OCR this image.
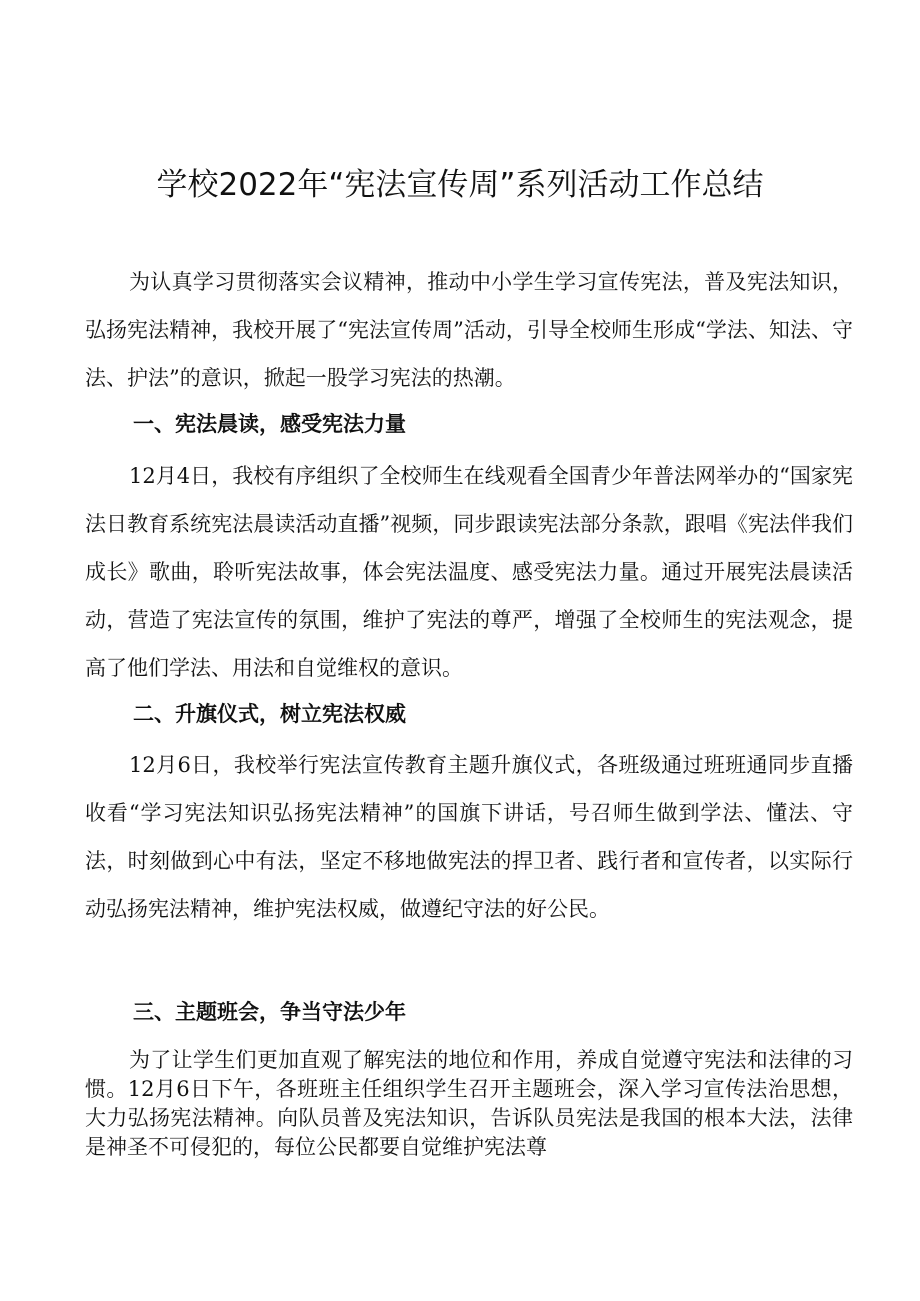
学校2022年“宪法宣传周”系列活动工作总结

为认真学习贯彻落实会议精神，推动中小学生学习宣传宪法，普及宪法知识，弘扬宪法精神，我校开展了“宪法宣传周”活动，引导全校师生形成“学法、知法、守法、护法”的意识，掀起一股学习宪法的热潮。

一、宪法晨读，感受宪法力量

12月4日，我校有序组织了全校师生在线观看全国青少年普法网举办的“国家宪法日教育系统宪法晨读活动直播”视频，同步跟读宪法部分条款，跟唱《宪法伴我们成长》歌曲，聆听宪法故事，体会宪法温度、感受宪法力量。通过开展宪法晨读活动，营造了宪法宣传的氛围，维护了宪法的尊严，增强了全校师生的宪法观念，提高了他们学法、用法和自觉维权的意识。

二、升旗仪式，树立宪法权威

12月6日，我校举行宪法宣传教育主题升旗仪式，各班级通过班班通同步直播收看“学习宪法知识弘扬宪法精神”的国旗下讲话，号召师生做到学法、懂法、守法，时刻做到心中有法，坚定不移地做宪法的捍卫者、践行者和宣传者，以实际行动弘扬宪法精神，维护宪法权威，做遵纪守法的好公民。

三、主题班会，争当守法少年

为了让学生们更加直观了解宪法的地位和作用，养成自觉遵守宪法和法律的习惯。12月6日下午，各班班主任组织学生召开主题班会，深入学习宣传法治思想，大力弘扬宪法精神。向队员普及宪法知识，告诉队员宪法是我国的根本大法，法律是神圣不可侵犯的，每位公民都要自觉维护宪法尊
